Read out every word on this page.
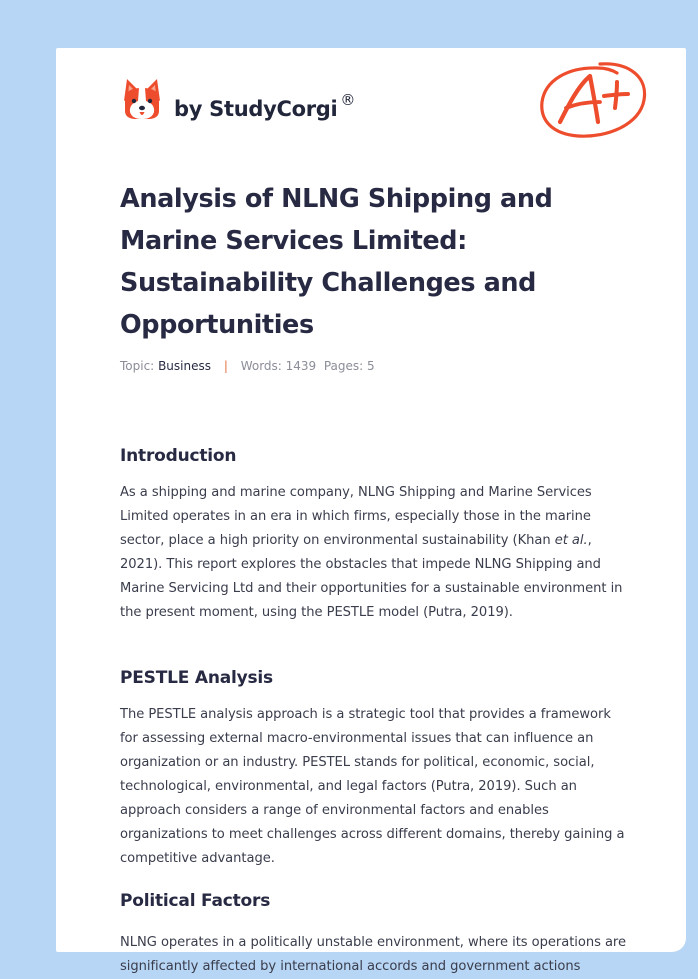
by StudyCorgi ®
Analysis of NLNG Shipping and Marine Services Limited: Sustainability Challenges and Opportunities
Topic: Business | Words: 1439 Pages: 5
Introduction

As a shipping and marine company, NLNG Shipping and Marine Services Limited operates in an era in which firms, especially those in the marine sector, place a high priority on environmental sustainability (Khan et al., 2021). This report explores the obstacles that impede NLNG Shipping and Marine Servicing Ltd and their opportunities for a sustainable environment in the present moment, using the PESTLE model (Putra, 2019).

PESTLE Analysis

The PESTLE analysis approach is a strategic tool that provides a framework for assessing external macro-environmental issues that can influence an organization or an industry. PESTEL stands for political, economic, social, technological, environmental, and legal factors (Putra, 2019). Such an approach considers a range of environmental factors and enables organizations to meet challenges across different domains, thereby gaining a competitive advantage.

Political Factors

NLNG operates in a politically unstable environment, where its operations are significantly affected by international accords and government actions
